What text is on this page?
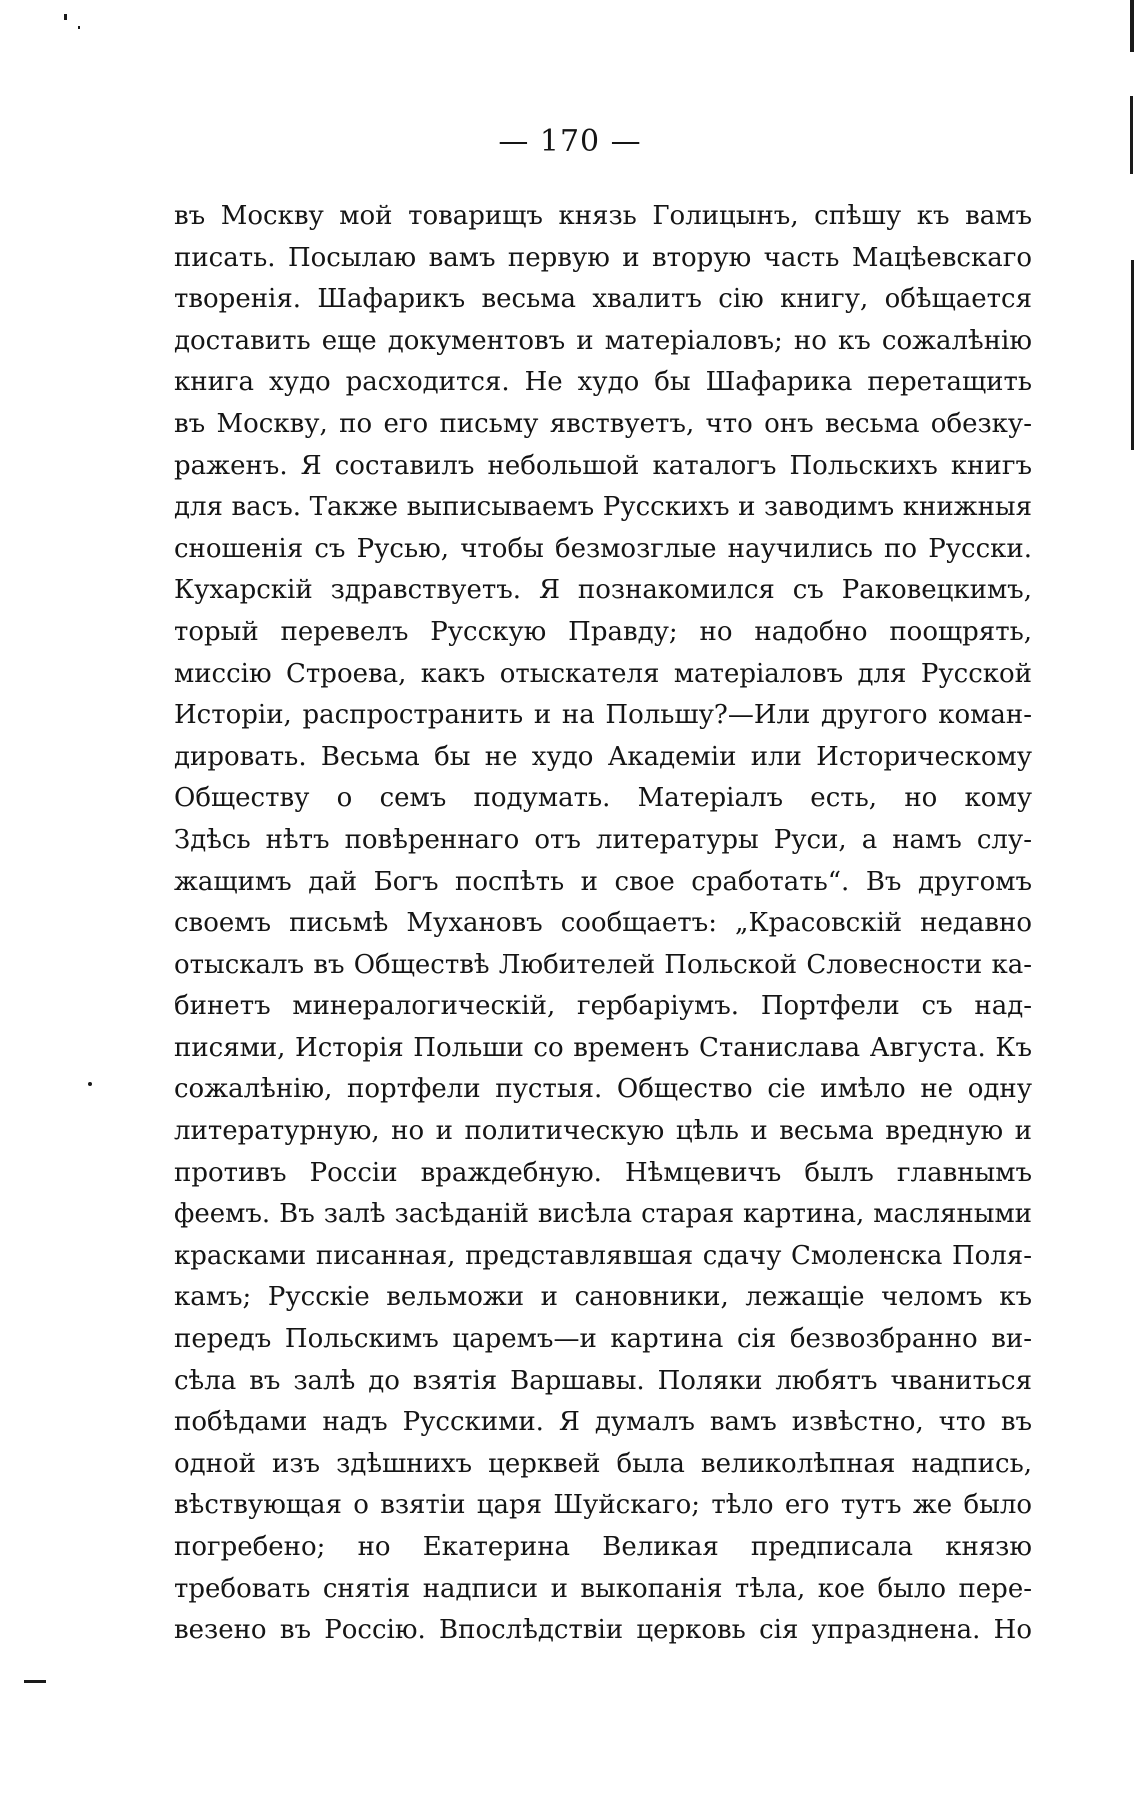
— 170 —
въ Москву мой товарищъ князь Голицынъ, спѣшу къ вамъ
писать. Посылаю вамъ первую и вторую часть Мацѣевскаго
творенія. Шафарикъ весьма хвалитъ сію книгу, обѣщается
доставить еще документовъ и матеріаловъ; но къ сожалѣнію
книга худо расходится. Не худо бы Шафарика перетащить
въ Москву, по его письму явствуетъ, что онъ весьма обезку-
раженъ. Я составилъ небольшой каталогъ Польскихъ книгъ
для васъ. Также выписываемъ Русскихъ и заводимъ книжныя
сношенія съ Русью, чтобы безмозглые научились по Русски.
Кухарскій здравствуетъ. Я познакомился съ Раковецкимъ,
торый перевелъ Русскую Правду; но надобно поощрять,
миссію Строева, какъ отыскателя матеріаловъ для Русской
Исторіи, распространить и на Польшу?—Или другого коман-
дировать. Весьма бы не худо Академіи или Историческому
Обществу о семъ подумать. Матеріалъ есть, но кому
Здѣсь нѣтъ повѣреннаго отъ литературы Руси, а намъ слу-
жащимъ дай Богъ поспѣть и свое сработать“. Въ другомъ
своемъ письмѣ Мухановъ сообщаетъ: „Красовскій недавно
отыскалъ въ Обществѣ Любителей Польской Словесности ка-
бинетъ минералогическій, гербаріумъ. Портфели съ над-
писями, Исторія Польши со временъ Станислава Августа. Къ
сожалѣнію, портфели пустыя. Общество сіе имѣло не одну
литературную, но и политическую цѣль и весьма вредную и
противъ Россіи враждебную. Нѣмцевичъ былъ главнымъ
феемъ. Въ залѣ засѣданій висѣла старая картина, масляными
красками писанная, представлявшая сдачу Смоленска Поля-
камъ; Русскіе вельможи и сановники, лежащіе челомъ къ
передъ Польскимъ царемъ—и картина сія безвозбранно ви-
сѣла въ залѣ до взятія Варшавы. Поляки любятъ чваниться
побѣдами надъ Русскими. Я думалъ вамъ извѣстно, что въ
одной изъ здѣшнихъ церквей была великолѣпная надпись,
вѣствующая о взятіи царя Шуйскаго; тѣло его тутъ же было
погребено; но Екатерина Великая предписала князю
требовать снятія надписи и выкопанія тѣла, кое было пере-
везено въ Россію. Впослѣдствіи церковь сія упразднена. Но
